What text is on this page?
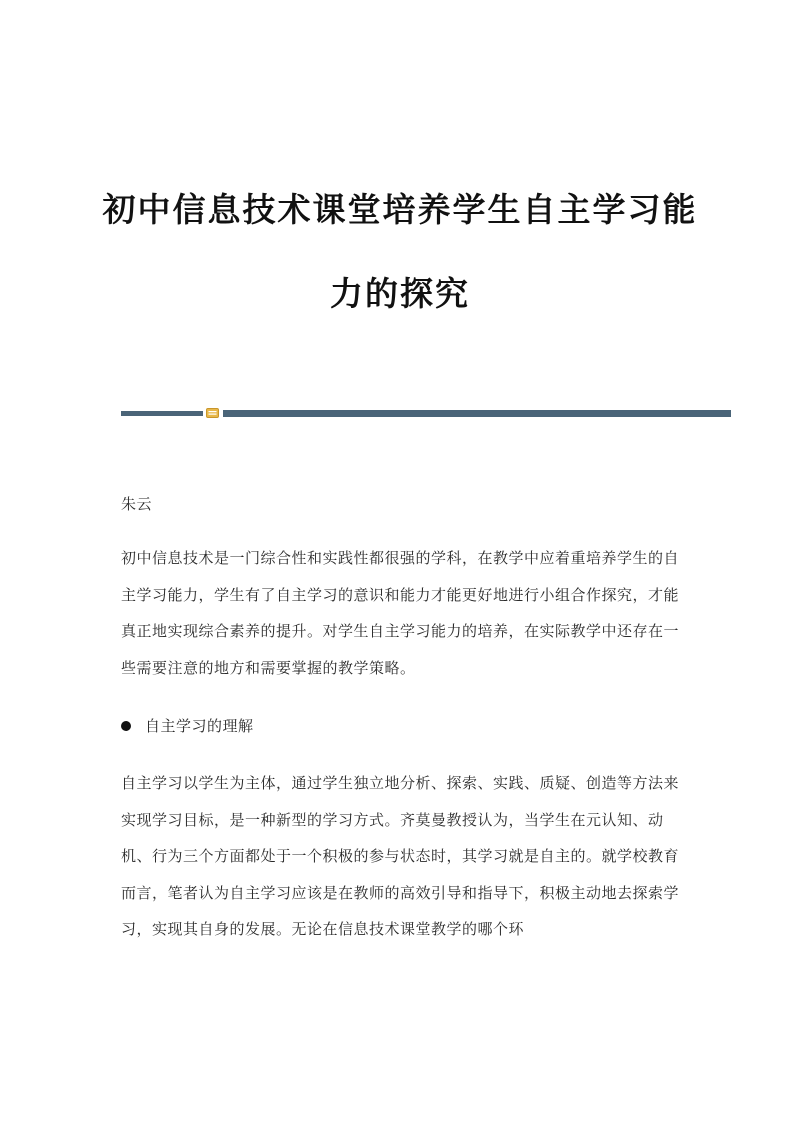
初中信息技术课堂培养学生自主学习能
力的探究

朱云

初中信息技术是一门综合性和实践性都很强的学科，在教学中应着重培养学生的自主学习能力，学生有了自主学习的意识和能力才能更好地进行小组合作探究，才能真正地实现综合素养的提升。对学生自主学习能力的培养，在实际教学中还存在一些需要注意的地方和需要掌握的教学策略。

自主学习的理解

自主学习以学生为主体，通过学生独立地分析、探索、实践、质疑、创造等方法来实现学习目标，是一种新型的学习方式。齐莫曼教授认为，当学生在元认知、动机、行为三个方面都处于一个积极的参与状态时，其学习就是自主的。就学校教育而言，笔者认为自主学习应该是在教师的高效引导和指导下，积极主动地去探索学习，实现其自身的发展。无论在信息技术课堂教学的哪个环
